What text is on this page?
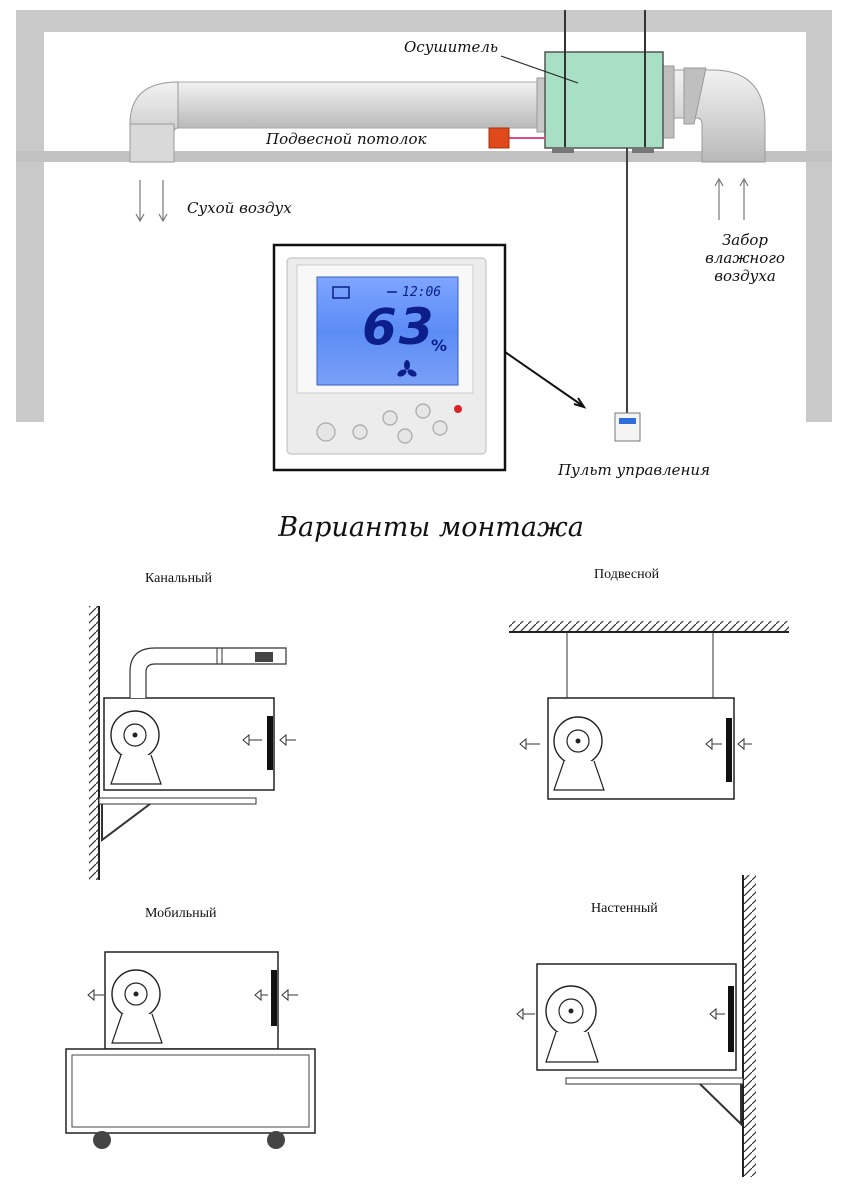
Осушитель
Подвесной потолок
Сухой воздух
Забор
влажного
воздуха
Пульт управления
12:06
63
%
Варианты монтажа
Канальный	Подвесной
Мобильный	Настенный
